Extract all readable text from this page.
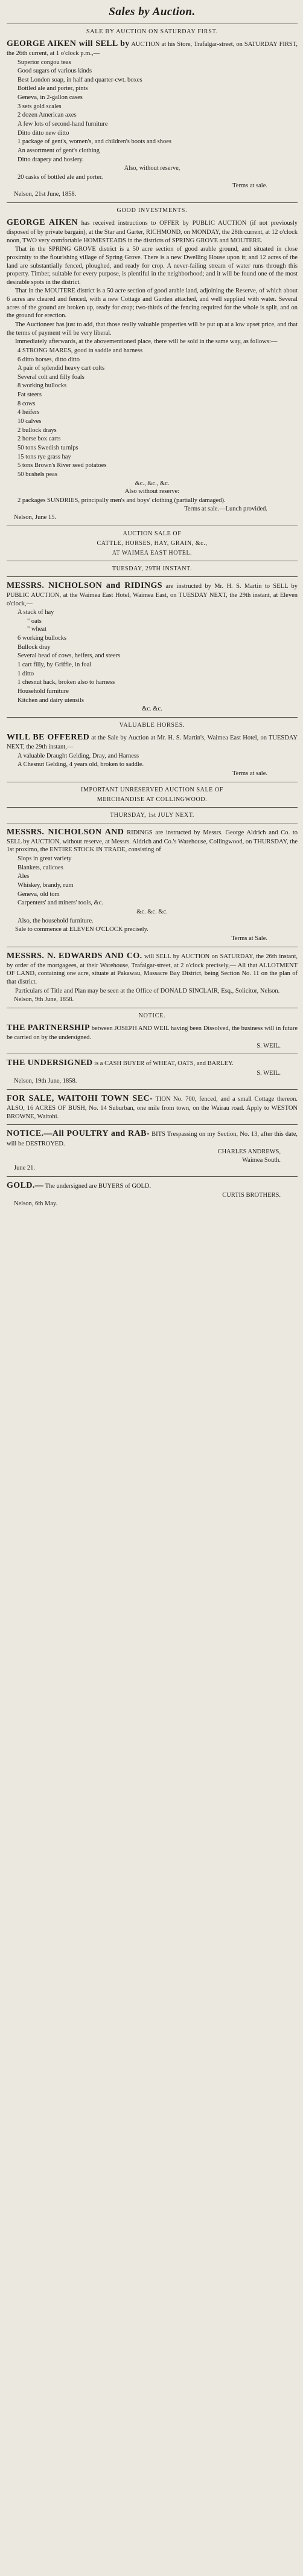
Sales by Auction.
SALE BY AUCTION ON SATURDAY FIRST.

GEORGE AIKEN will SELL by AUCTION at his Store, Trafalgar-street, on SATURDAY FIRST, the 26th current, at 1 o'clock p.m.,—

Superior congou teas

Good sugars of various kinds

Best London soap, in half and quarter-cwt. boxes

Bottled ale and porter, pints

Geneva, in 2-gallon cases

3 sets gold scales

2 dozen American axes

A few lots of second-hand furniture

Ditto ditto new ditto

1 package of gent's, women's, and children's boots and shoes

An assortment of gent's clothing

Ditto drapery and hosiery.

Also, without reserve,

20 casks of bottled ale and porter.

Terms at sale.

Nelson, 21st June, 1858.

GOOD INVESTMENTS.

GEORGE AIKEN has received instructions to OFFER by PUBLIC AUCTION (if not previously disposed of by private bargain), at the Star and Garter, RICHMOND, on MONDAY, the 28th current, at 12 o'clock noon, TWO very comfortable HOMESTEADS in the districts of SPRING GROVE and MOUTERE.

That in the SPRING GROVE district is a 50 acre section of good arable ground, and situated in close proximity to the flourishing village of Spring Grove. There is a new Dwelling House upon it; and 12 acres of the land are substantially fenced, ploughed, and ready for crop. A never-failing stream of water runs through this property. Timber, suitable for every purpose, is plentiful in the neighborhood; and it will be found one of the most desirable spots in the district.

That in the MOUTERE district is a 50 acre section of good arable land, adjoining the Reserve, of which about 6 acres are cleared and fenced, with a new Cottage and Garden attached, and well supplied with water. Several acres of the ground are broken up, ready for crop; two-thirds of the fencing required for the whole is split, and on the ground for erection.

The Auctioneer has just to add, that those really valuable properties will be put up at a low upset price, and that the terms of payment will be very liberal.

Immediately afterwards, at the abovementioned place, there will be sold in the same way, as follows:—

4 STRONG MARES, good in saddle and harness

6 ditto horses, ditto ditto

A pair of splendid heavy cart colts

Several colt and filly foals

8 working bullocks

Fat steers

8 cows

4 heifers

10 calves

2 bullock drays

2 horse box carts

50 tons Swedish turnips

15 tons rye grass hay

5 tons Brown's River seed potatoes

50 bushels peas

&c., &c., &c.

Also without reserve:

2 packages SUNDRIES, principally men's and boys' clothing (partially damaged).

Terms at sale.—Lunch provided.

Nelson, June 15.

AUCTION SALE OF
CATTLE, HORSES, HAY, GRAIN, &c.,
AT WAIMEA EAST HOTEL.
TUESDAY, 29TH INSTANT.

MESSRS. NICHOLSON and RIDINGS are instructed by Mr. H. S. Martin to SELL by PUBLIC AUCTION, at the Waimea East Hotel, Waimea East, on TUESDAY NEXT, the 29th instant, at Eleven o'clock,—

A stack of hay

" oats

" wheat

6 working bullocks

Bullock dray

Several head of cows, heifers, and steers

1 cart filly, by Griffie, in foal

1 ditto

1 chesnut hack, broken also to harness

Household furniture

Kitchen and dairy utensils

&c. &c.

VALUABLE HORSES.

WILL BE OFFERED at the Sale by Auction at Mr. H. S. Martin's, Waimea East Hotel, on TUESDAY NEXT, the 29th instant,—

A valuable Draught Gelding, Dray, and Harness

A Chesnut Gelding, 4 years old, broken to saddle.

Terms at sale.

IMPORTANT UNRESERVED AUCTION SALE OF
MERCHANDISE AT COLLINGWOOD.
THURSDAY, 1st JULY NEXT.

MESSRS. NICHOLSON AND RIDINGS are instructed by Messrs. George Aldrich and Co. to SELL by AUCTION, without reserve, at Messrs. Aldrich and Co.'s Warehouse, Collingwood, on THURSDAY, the 1st proximo, the ENTIRE STOCK IN TRADE, consisting of

Slops in great variety

Blankets, calicoes

Ales

Whiskey, brandy, rum

Geneva, old tom

Carpenters' and miners' tools, &c.

&c. &c. &c.

Also, the household furniture.

Sale to commence at ELEVEN O'CLOCK precisely.

Terms at Sale.

MESSRS. N. EDWARDS AND CO. will SELL by AUCTION on SATURDAY, the 26th instant, by order of the mortgagees, at their Warehouse, Trafalgar-street, at 2 o'clock precisely,— All that ALLOTMENT OF LAND, containing one acre, situate at Pakawau, Massacre Bay District, being Section No. 11 on the plan of that district.

Particulars of Title and Plan may be seen at the Office of DONALD SINCLAIR, Esq., Solicitor, Nelson.

Nelson, 9th June, 1858.

NOTICE.

THE PARTNERSHIP between JOSEPH AND WEIL having been Dissolved, the business will in future be carried on by the undersigned.

S. WEIL.

THE UNDERSIGNED is a CASH BUYER of WHEAT, OATS, and BARLEY.

S. WEIL.

Nelson, 19th June, 1858.

FOR SALE, WAITOHI TOWN SEC- TION No. 700, fenced, and a small Cottage thereon. ALSO, 16 ACRES OF BUSH, No. 14 Suburban, one mile from town, on the Wairau road. Apply to WESTON BROWNE, Waitohi.

NOTICE.—All POULTRY and RAB- BITS Trespassing on my Section, No. 13, after this date, will be DESTROYED.

CHARLES ANDREWS,

Waimea South.

June 21.

GOLD.— The undersigned are BUYERS of GOLD.

CURTIS BROTHERS.

Nelson, 6th May.
